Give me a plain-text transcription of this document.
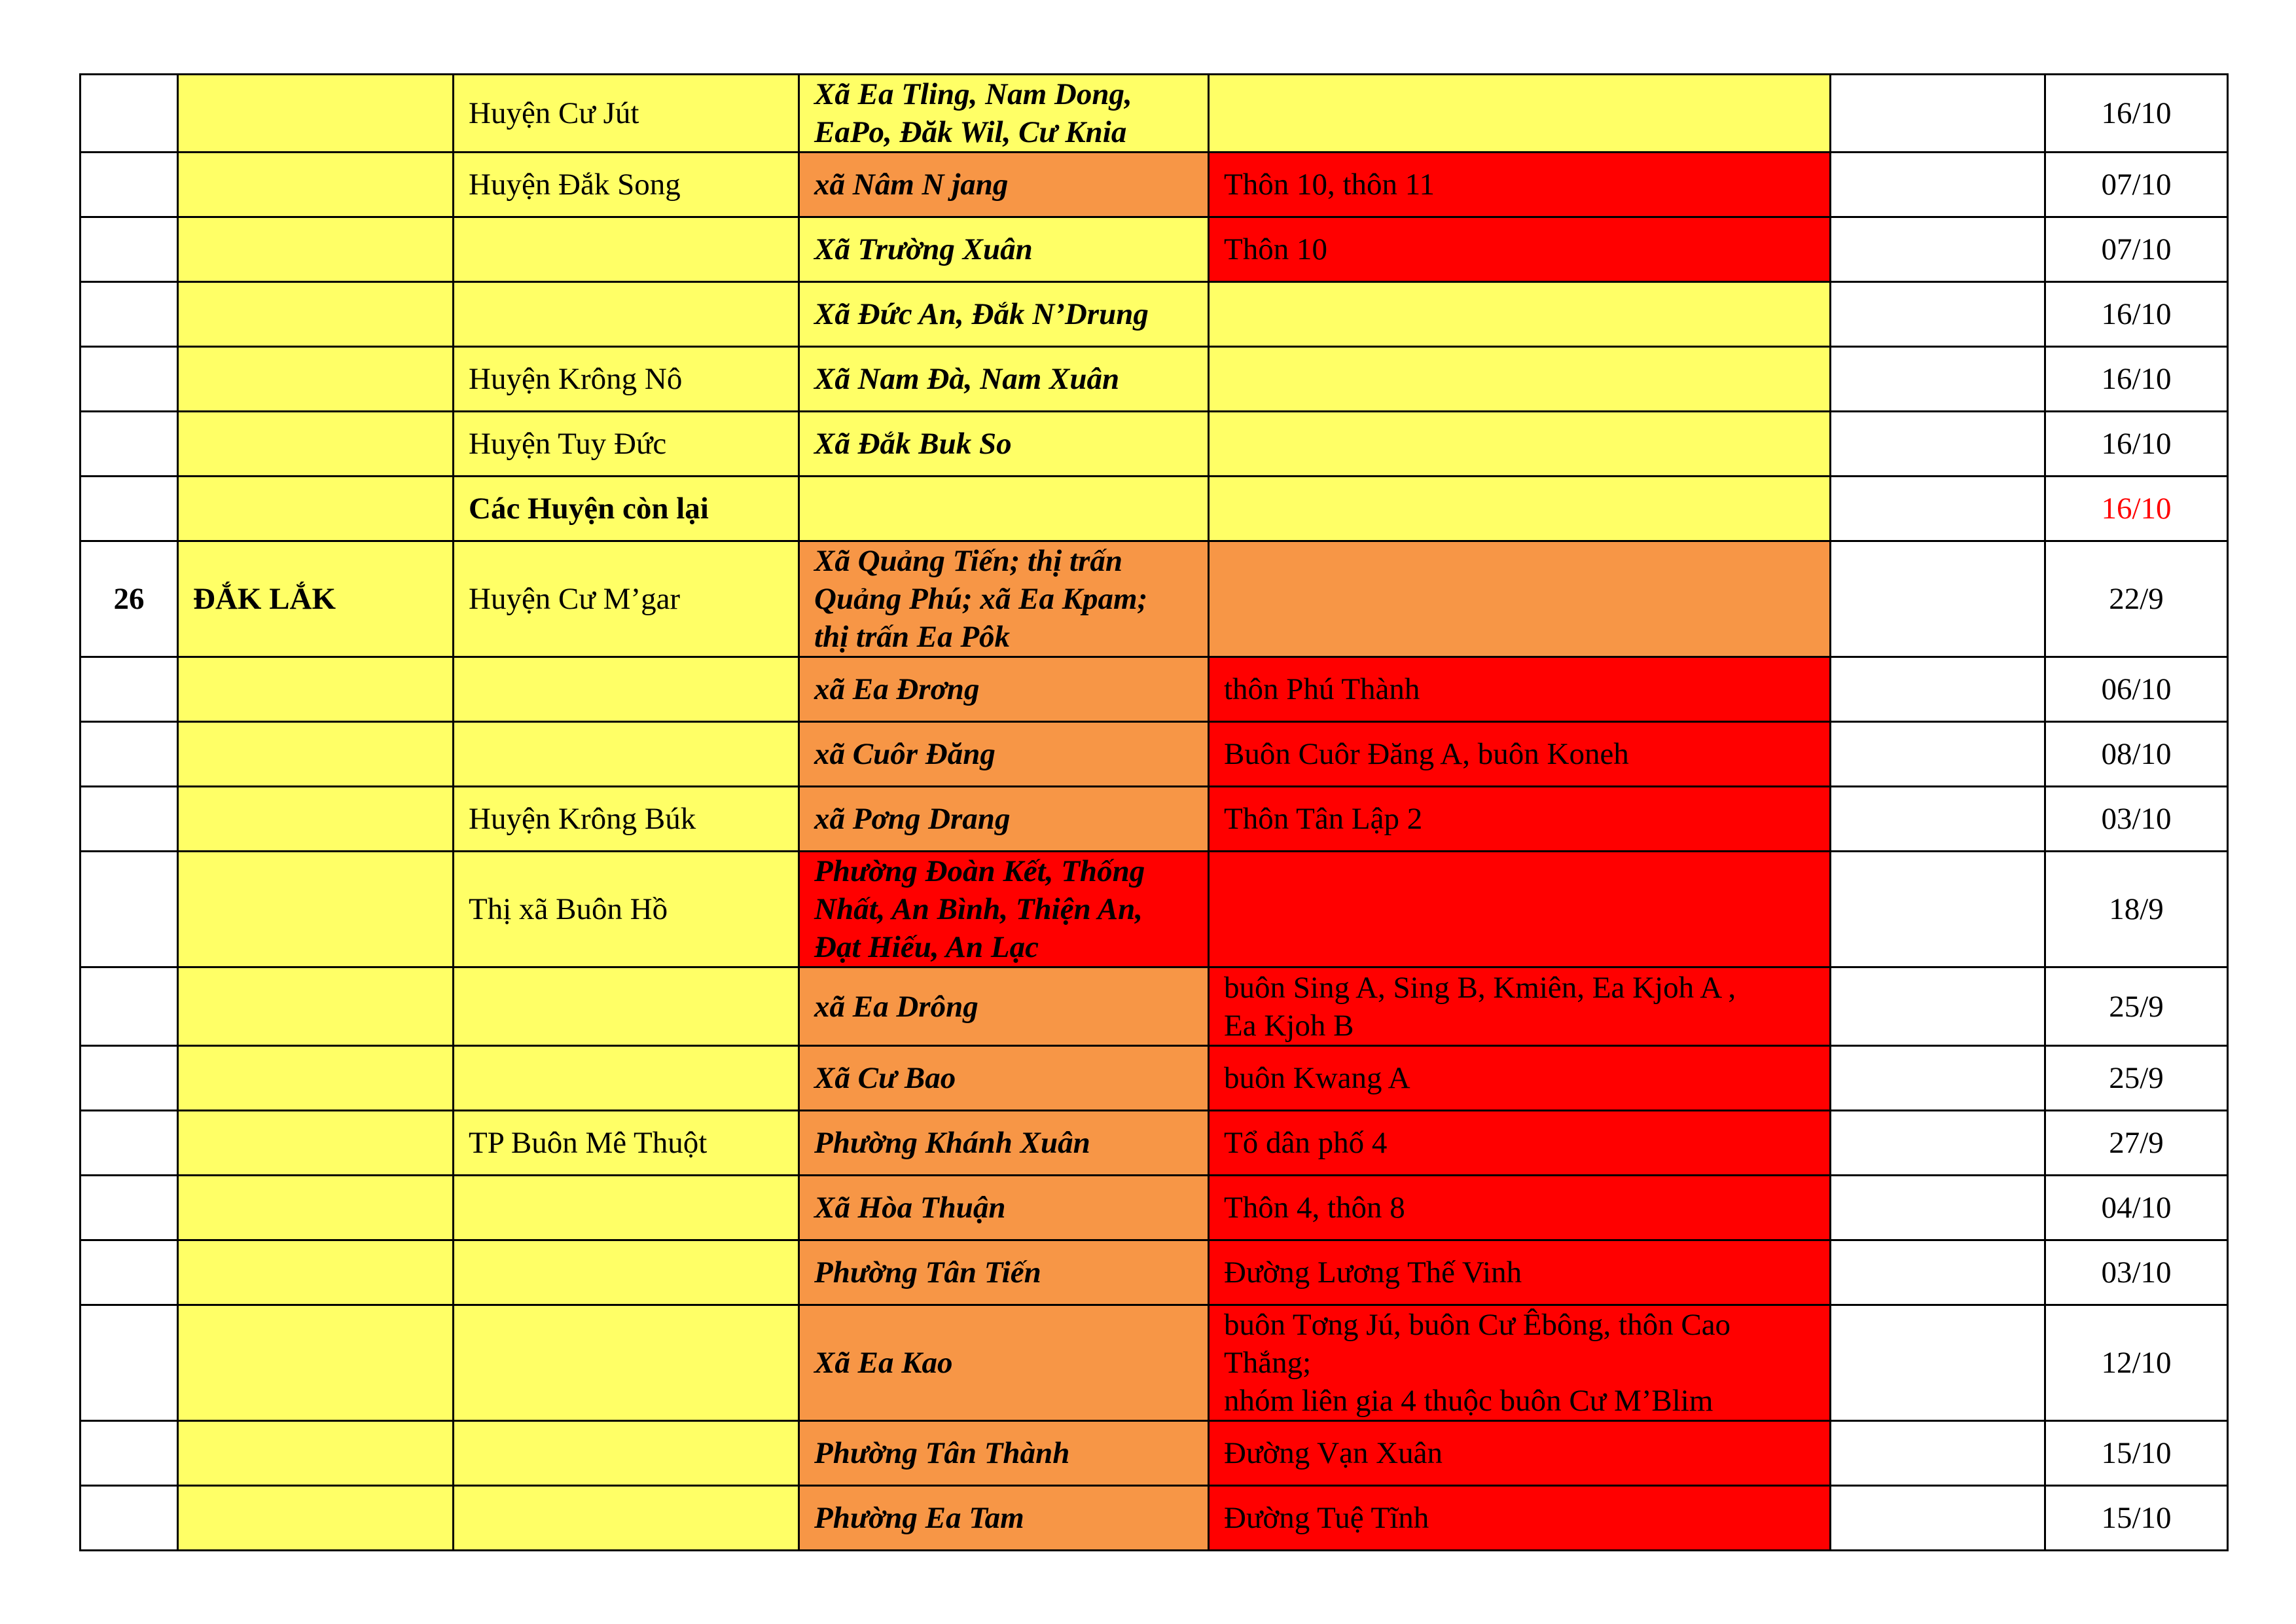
		Huyện Cư Jút	Xã Ea Tling, Nam Dong,
EaPo, Đăk Wil, Cư Knia			16/10
		Huyện Đắk Song	xã Nâm N jang	Thôn 10, thôn 11		07/10
			Xã Trường Xuân	Thôn 10		07/10
			Xã Đức An, Đắk N’Drung			16/10
		Huyện Krông Nô	Xã Nam Đà, Nam Xuân			16/10
		Huyện Tuy Đức	Xã Đắk Buk So			16/10
		Các Huyện còn lại				16/10
26	ĐẮK LẮK	Huyện Cư M’gar	Xã Quảng Tiến; thị trấn
Quảng Phú; xã Ea Kpam;
thị trấn Ea Pôk			22/9
			xã Ea Đrơng	thôn Phú Thành		06/10
			xã Cuôr Đăng	Buôn Cuôr Đăng A, buôn Koneh		08/10
		Huyện Krông Búk	xã Pơng Drang	Thôn Tân Lập 2		03/10
		Thị xã Buôn Hồ	Phường Đoàn Kết, Thống
Nhất, An Bình, Thiện An,
Đạt Hiếu, An Lạc			18/9
			xã Ea Drông	buôn Sing A, Sing B, Kmiên, Ea Kjoh A ,
Ea Kjoh B		25/9
			Xã Cư Bao	buôn Kwang A		25/9
		TP Buôn Mê Thuột	Phường Khánh Xuân	Tổ dân phố 4		27/9
			Xã Hòa Thuận	Thôn 4, thôn 8		04/10
			Phường Tân Tiến	Đường Lương Thế Vinh		03/10
			Xã Ea Kao	buôn Tơng Jú, buôn Cư Êbông, thôn Cao
Thắng;
nhóm liên gia 4 thuộc buôn Cư M’Blim		12/10
			Phường Tân Thành	Đường Vạn Xuân		15/10
			Phường Ea Tam	Đường Tuệ Tĩnh		15/10
